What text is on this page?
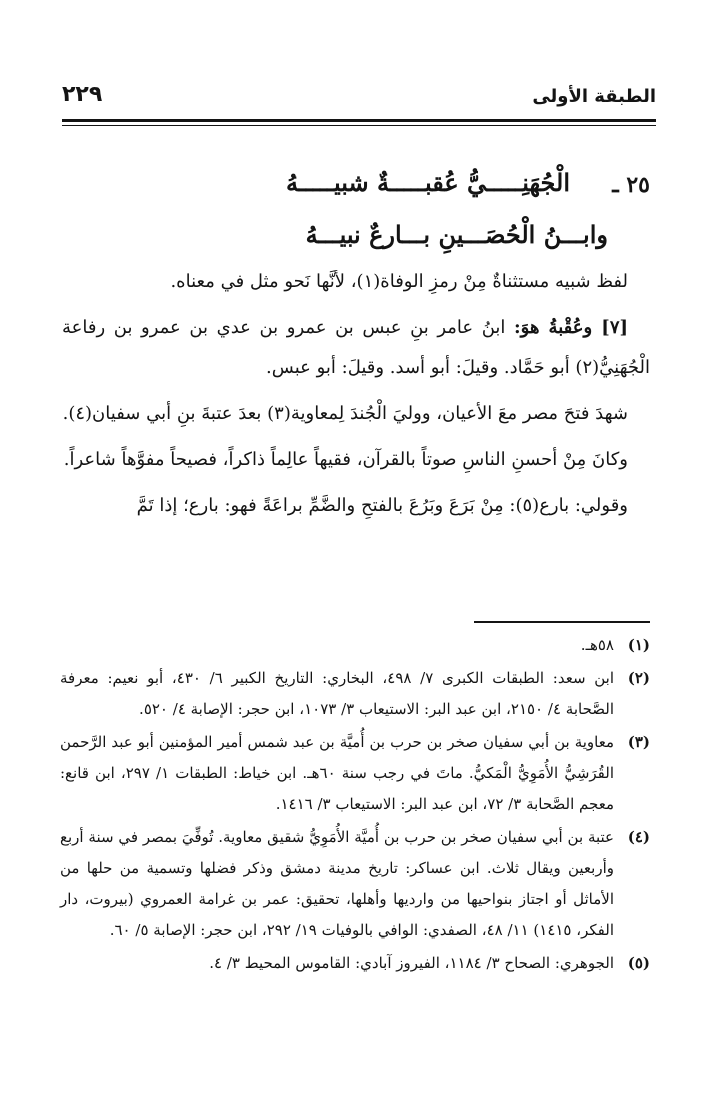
الطبقة الأولى
٢٢٩
٢٥ ـ
الْجُهَنِـــــيُّ عُقبـــــةٌ شبيـــــهُ
وابـــنُ الْحُصَـــينِ بـــارعٌ نبيـــهُ

لفظ شبيه مستثناةٌ مِنْ رمزِ الوفاة(١)، لأنَّها نَحو مثل في معناه.

[٧] وعُقْبةُ هوَ: ابنُ عامر بنِ عبس بن عمرو بن عدي بن عمرو بن رفاعة الْجُهَنِيُّ(٢) أبو حَمَّاد. وقيلَ: أبو أسد. وقيلَ: أبو عبس.

شهدَ فتحَ مصر معَ الأعيان، ووليَ الْجُندَ لِمعاوية(٣) بعدَ عتبةَ بنِ أبي سفيان(٤).

وكانَ مِنْ أحسنِ الناسِ صوتاً بالقرآن، فقيهاً عالِماً ذاكراً، فصيحاً مفوَّهاً شاعراً.

وقولي: بارع(٥): مِنْ بَرَعَ وبَرُعَ بالفتحِ والضَّمِّ براعَةً فهو: بارع؛ إذا تَمَّ

(١)
٥٨هـ.
(٢)
ابن سعد: الطبقات الكبرى ٧/ ٤٩٨، البخاري: التاريخ الكبير ٦/ ٤٣٠، أبو نعيم: معرفة الصَّحابة ٤/ ٢١٥٠، ابن عبد البر: الاستيعاب ٣/ ١٠٧٣، ابن حجر: الإصابة ٤/ ٥٢٠.
(٣)
معاوية بن أبي سفيان صخر بن حرب بن أُميَّة بن عبد شمس أمير المؤمنين أبو عبد الرَّحمن القُرَشِيُّ الأُمَوِيُّ الْمَكيُّ. ماتَ في رجب سنة ٦٠هـ. ابن خياط: الطبقات ١/ ٢٩٧، ابن قانع: معجم الصَّحابة ٣/ ٧٢، ابن عبد البر: الاستيعاب ٣/ ١٤١٦.
(٤)
عتبة بن أبي سفيان صخر بن حرب بن أُميَّة الأُمَوِيُّ شقيق معاوية. تُوفِّيَ بمصر في سنة أربع وأربعين ويقال ثلاث. ابن عساكر: تاريخ مدينة دمشق وذكر فضلها وتسمية من حلها من الأماثل أو اجتاز بنواحيها من وارديها وأهلها، تحقيق: عمر بن غرامة العمروي (بيروت، دار الفكر، ١٤١٥) ١١/ ٤٨، الصفدي: الوافي بالوفيات ١٩/ ٢٩٢، ابن حجر: الإصابة ٥/ ٦٠.
(٥)
الجوهري: الصحاح ٣/ ١١٨٤، الفيروز آبادي: القاموس المحيط ٣/ ٤.
